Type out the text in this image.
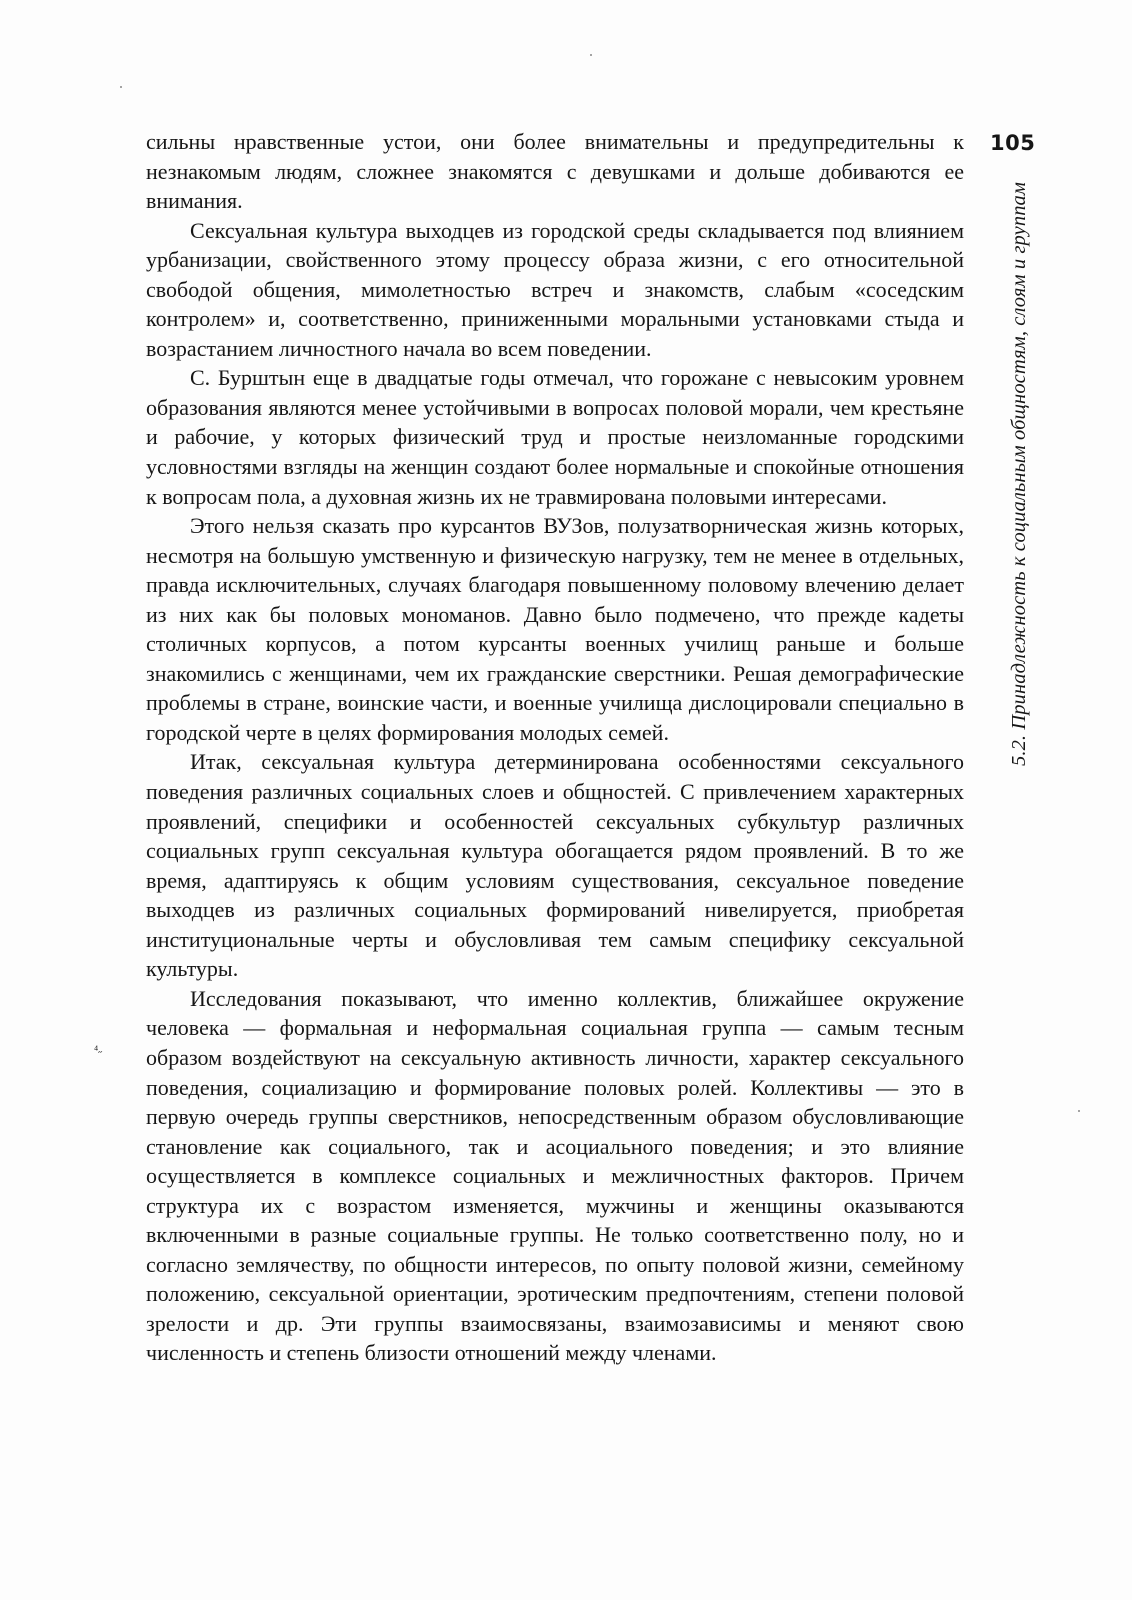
105
5.2. Принадлежность к социальным общностям, слоям и группам
⁴˶

сильны нравственные устои, они более внимательны и предупредительны к незнакомым людям, сложнее знакомятся с девушками и дольше добиваются ее внимания.

Сексуальная культура выходцев из городской среды складывается под влиянием урбанизации, свойственного этому процессу образа жизни, с его относительной свободой общения, мимолетностью встреч и знакомств, слабым «соседским контролем» и, соответственно, приниженными моральными установками стыда и возрастанием личностного начала во всем поведении.

С. Бурштын еще в двадцатые годы отмечал, что горожане с невысоким уровнем образования являются менее устойчивыми в вопросах половой морали, чем крестьяне и рабочие, у которых физический труд и простые неизломанные городскими условностями взгляды на женщин создают более нормальные и спокойные отношения к вопросам пола, а духовная жизнь их не травмирована половыми интересами.

Этого нельзя сказать про курсантов ВУЗов, полузатворническая жизнь которых, несмотря на большую умственную и физическую нагрузку, тем не менее в отдельных, правда исключительных, случаях благодаря повышенному половому влечению делает из них как бы половых мономанов. Давно было подмечено, что прежде кадеты столичных корпусов, а потом курсанты военных училищ раньше и больше знакомились с женщинами, чем их гражданские сверстники. Решая демографические проблемы в стране, воинские части, и военные училища дислоцировали специально в городской черте в целях формирования молодых семей.

Итак, сексуальная культура детерминирована особенностями сексуального поведения различных социальных слоев и общностей. С привлечением характерных проявлений, специфики и особенностей сексуальных субкультур различных социальных групп сексуальная культура обогащается рядом проявлений. В то же время, адаптируясь к общим условиям существования, сексуальное поведение выходцев из различных социальных формирований нивелируется, приобретая институциональные черты и обусловливая тем самым специфику сексуальной культуры.

Исследования показывают, что именно коллектив, ближайшее окружение человека — формальная и неформальная социальная группа — самым тесным образом воздействуют на сексуальную активность личности, характер сексуального поведения, социализацию и формирование половых ролей. Коллективы — это в первую очередь группы сверстников, непосредственным образом обусловливающие становление как социального, так и асоциального поведения; и это влияние осуществляется в комплексе социальных и межличностных факторов. Причем структура их с возрастом изменяется, мужчины и женщины оказываются включенными в разные социальные группы. Не только соответственно полу, но и согласно землячеству, по общности интересов, по опыту половой жизни, семейному положению, сексуальной ориентации, эротическим предпочтениям, степени половой зрелости и др. Эти группы взаимосвязаны, взаимозависимы и меняют свою численность и степень близости отношений между членами.
